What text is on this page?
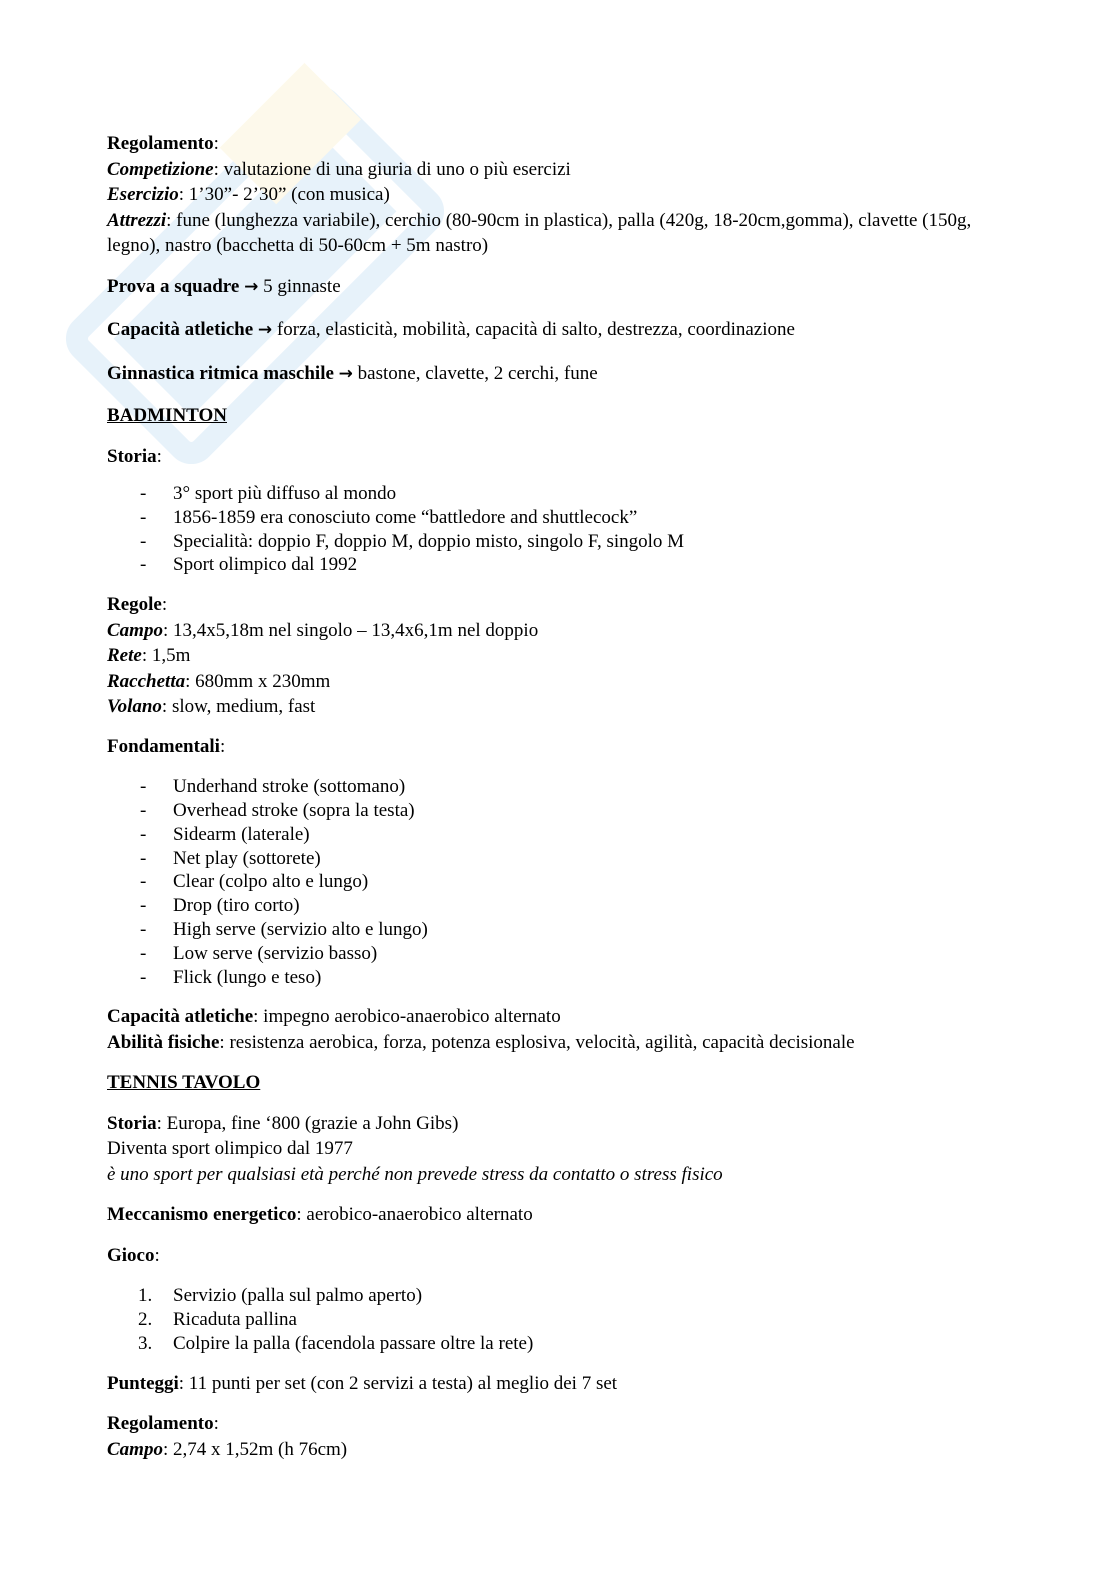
Regolamento:

Competizione: valutazione di una giuria di uno o più esercizi

Esercizio: 1’30”- 2’30” (con musica)

Attrezzi: fune (lunghezza variabile), cerchio (80-90cm in plastica), palla (420g, 18-20cm,gomma), clavette (150g, legno), nastro (bacchetta di 50-60cm + 5m nastro)

Prova a squadre → 5 ginnaste

Capacità atletiche → forza, elasticità, mobilità, capacità di salto, destrezza, coordinazione

Ginnastica ritmica maschile → bastone, clavette, 2 cerchi, fune

BADMINTON

Storia:

- 3° sport più diffuso al mondo
- 1856-1859 era conosciuto come “battledore and shuttlecock”
- Specialità: doppio F, doppio M, doppio misto, singolo F, singolo M
- Sport olimpico dal 1992

Regole:

Campo: 13,4x5,18m nel singolo – 13,4x6,1m nel doppio

Rete: 1,5m

Racchetta: 680mm x 230mm

Volano: slow, medium, fast

Fondamentali:

- Underhand stroke (sottomano)
- Overhead stroke (sopra la testa)
- Sidearm (laterale)
- Net play (sottorete)
- Clear (colpo alto e lungo)
- Drop (tiro corto)
- High serve (servizio alto e lungo)
- Low serve (servizio basso)
- Flick (lungo e teso)

Capacità atletiche: impegno aerobico-anaerobico alternato

Abilità fisiche: resistenza aerobica, forza, potenza esplosiva, velocità, agilità, capacità decisionale

TENNIS TAVOLO

Storia: Europa, fine ‘800 (grazie a John Gibs)

Diventa sport olimpico dal 1977

è uno sport per qualsiasi età perché non prevede stress da contatto o stress fisico

Meccanismo energetico: aerobico-anaerobico alternato

Gioco:

1. Servizio (palla sul palmo aperto)
2. Ricaduta pallina
3. Colpire la palla (facendola passare oltre la rete)

Punteggi: 11 punti per set (con 2 servizi a testa) al meglio dei 7 set

Regolamento:

Campo: 2,74 x 1,52m (h 76cm)
